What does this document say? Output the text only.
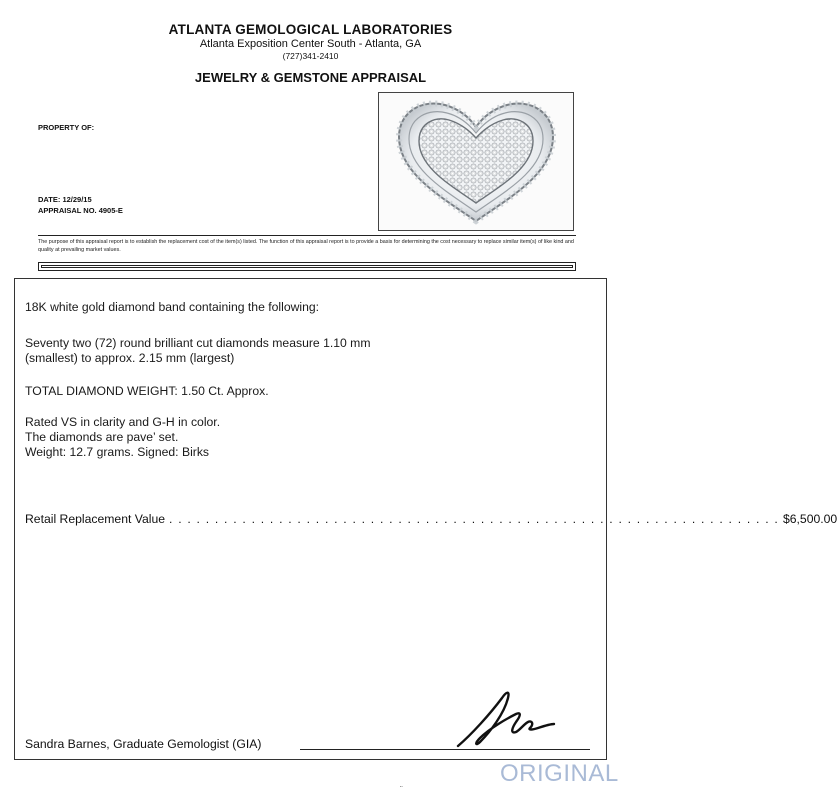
ATLANTA GEMOLOGICAL LABORATORIES
Atlanta Exposition Center South - Atlanta, GA
(727)341-2410
JEWELRY & GEMSTONE APPRAISAL
PROPERTY OF:
DATE: 12/29/15
APPRAISAL NO. 4905-E
The purpose of this appraisal report is to establish the replacement cost of the item(s) listed. The function of this appraisal report is to provide a basis for determining the cost necessary to replace similar item(s) of like kind and quality at prevailing market values.
18K white gold diamond band containing the following:
Seventy two (72) round brilliant cut diamonds measure 1.10 mm
(smallest) to approx. 2.15 mm (largest)
TOTAL DIAMOND WEIGHT: 1.50 Ct. Approx.
Rated VS in clarity and G-H in color.
The diamonds are pave’ set.
Weight: 12.7 grams. Signed: Birks
Retail Replacement Value . . . . . . . . . . . . . . . . . . . . . . . . . . . . . . . . . . . . . . . . . . . . . . . . . . . . . . . . . . . . . . . . . . . $6,500.00
Sandra Barnes, Graduate Gemologist (GIA)
ORIGINAL
¨
